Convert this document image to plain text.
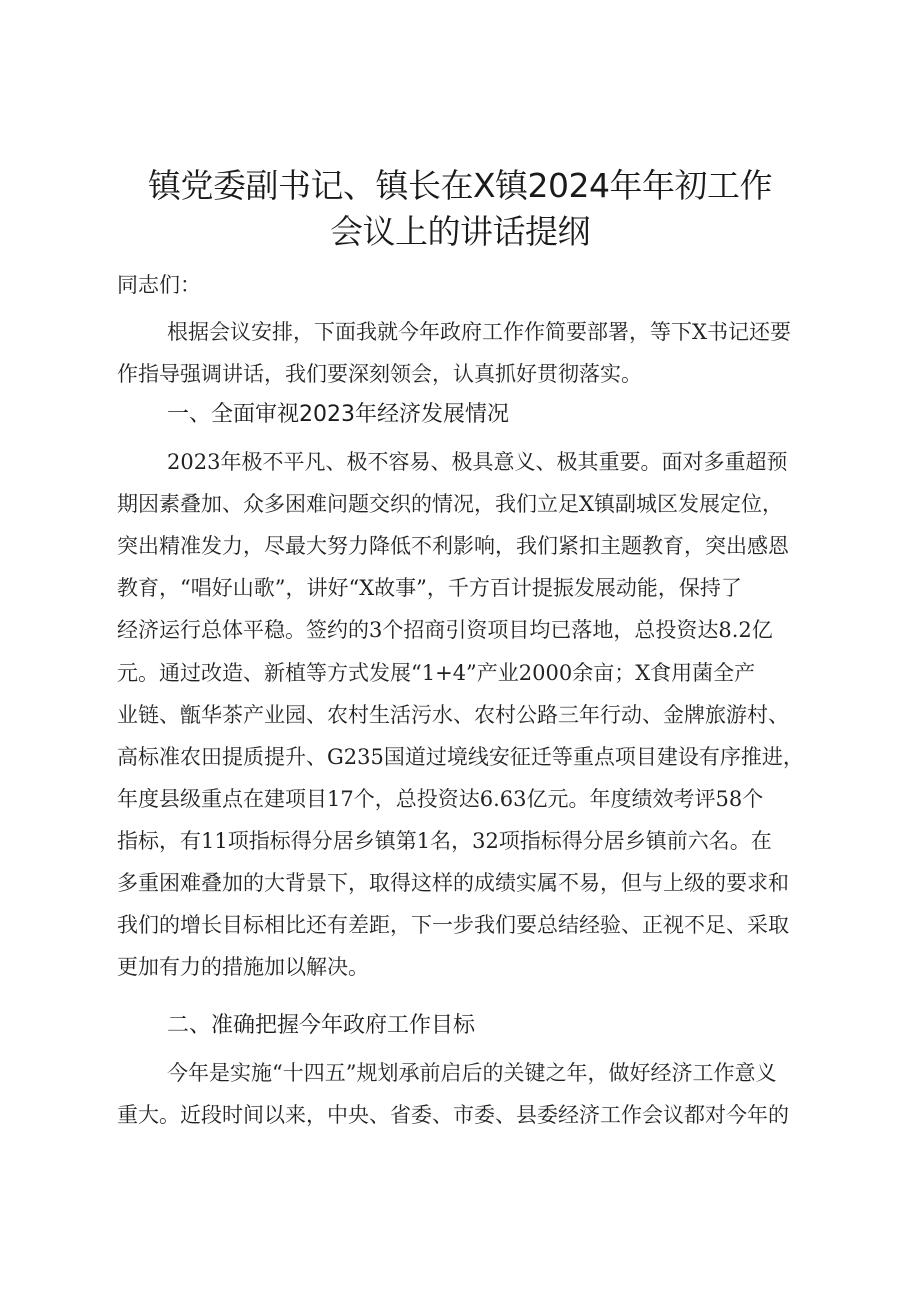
镇党委副书记、镇长在X镇2024年年初工作
会议上的讲话提纲
同志们：
根据会议安排，下面我就今年政府工作作简要部署，等下X书记还要
作指导强调讲话，我们要深刻领会，认真抓好贯彻落实。
一、全面审视2023年经济发展情况
2023年极不平凡、极不容易、极具意义、极其重要。面对多重超预
期因素叠加、众多困难问题交织的情况，我们立足X镇副城区发展定位，
突出精准发力，尽最大努力降低不利影响，我们紧扣主题教育，突出感恩
教育，“唱好山歌”，讲好“X故事”，千方百计提振发展动能，保持了
经济运行总体平稳。签约的3个招商引资项目均已落地，总投资达8.2亿
元。通过改造、新植等方式发展“1+4”产业2000余亩；X食用菌全产
业链、甑华茶产业园、农村生活污水、农村公路三年行动、金牌旅游村、
高标准农田提质提升、G235国道过境线安征迁等重点项目建设有序推进，
年度县级重点在建项目17个，总投资达6.63亿元。年度绩效考评58个
指标，有11项指标得分居乡镇第1名，32项指标得分居乡镇前六名。在
多重困难叠加的大背景下，取得这样的成绩实属不易，但与上级的要求和
我们的增长目标相比还有差距，下一步我们要总结经验、正视不足、采取
更加有力的措施加以解决。
二、准确把握今年政府工作目标
今年是实施“十四五”规划承前启后的关键之年，做好经济工作意义
重大。近段时间以来，中央、省委、市委、县委经济工作会议都对今年的
